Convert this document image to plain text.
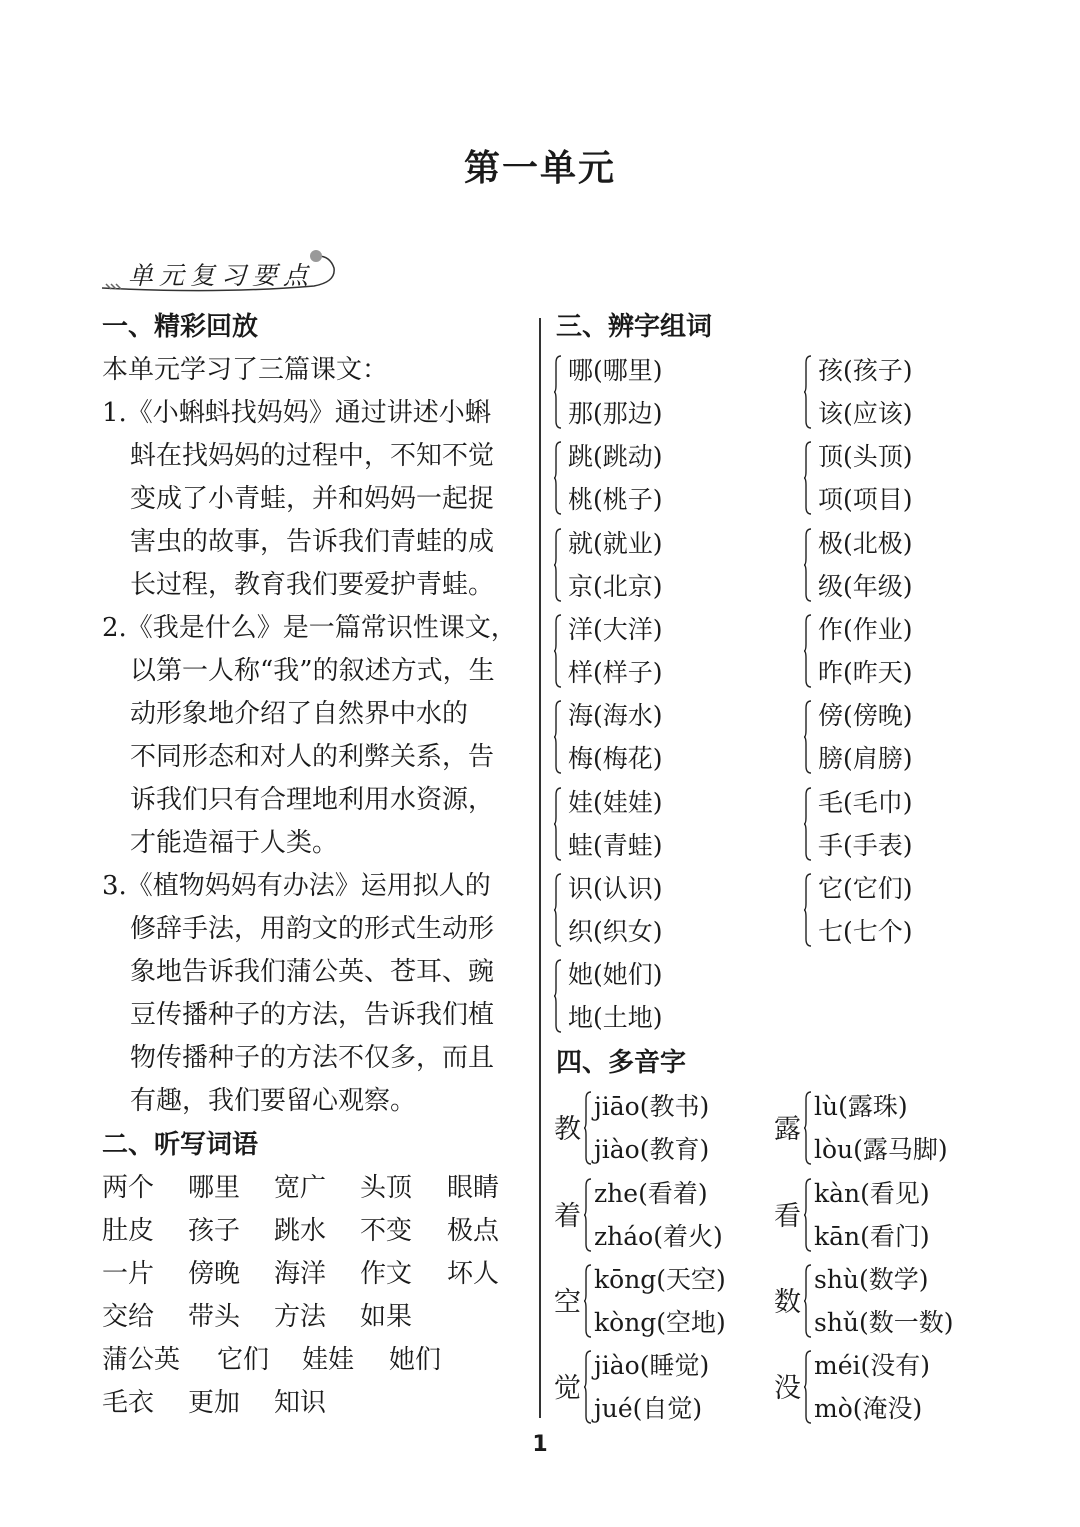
第一单元
单元复习要点
一、精彩回放
本单元学习了三篇课文：
1.《小蝌蚪找妈妈》通过讲述小蝌
蚪在找妈妈的过程中，不知不觉
变成了小青蛙，并和妈妈一起捉
害虫的故事，告诉我们青蛙的成
长过程，教育我们要爱护青蛙。
2.《我是什么》是一篇常识性课文，
以第一人称“我”的叙述方式，生
动形象地介绍了自然界中水的
不同形态和对人的利弊关系，告
诉我们只有合理地利用水资源，
才能造福于人类。
3.《植物妈妈有办法》运用拟人的
修辞手法，用韵文的形式生动形
象地告诉我们蒲公英、苍耳、豌
豆传播种子的方法，告诉我们植
物传播种子的方法不仅多，而且
有趣，我们要留心观察。
二、听写词语
两个 哪里 宽广 头顶 眼睛
肚皮 孩子 跳水 不变 极点
一片 傍晚 海洋 作文 坏人
交给 带头 方法 如果
蒲公英 它们 娃娃 她们
毛衣 更加 知识
三、辨字组词
四、多音字
哪(哪里)
那(那边)
跳(跳动)
桃(桃子)
就(就业)
京(北京)
洋(大洋)
样(样子)
海(海水)
梅(梅花)
娃(娃娃)
蛙(青蛙)
识(认识)
织(织女)
她(她们)
地(土地)
孩(孩子)
该(应该)
顶(头顶)
项(项目)
极(北极)
级(年级)
作(作业)
昨(昨天)
傍(傍晚)
膀(肩膀)
毛(毛巾)
手(手表)
它(它们)
七(七个)
教
jiāo(教书)
jiào(教育)
露
lù(露珠)
lòu(露马脚)
着
zhe(看着)
zháo(着火)
看
kàn(看见)
kān(看门)
空
kōng(天空)
kòng(空地)
数
shù(数学)
shǔ(数一数)
觉
jiào(睡觉)
jué(自觉)
没
méi(没有)
mò(淹没)
1
